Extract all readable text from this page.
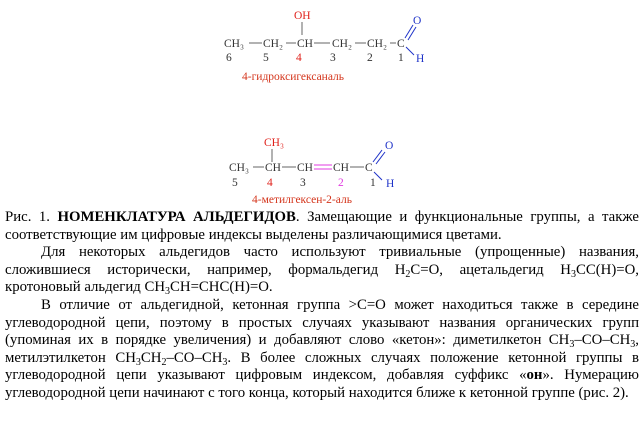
OH
CH₃ CH₂ CH CH₂ CH₂ C
O
H
6	5 4 3	2 1
4-гидроксигексаналь
CH₃
CH₃ CH CH CH C
O
H
5	4 3	2 1
4-метилгексен-2-аль

Рис. 1. НОМЕНКЛАТУРА АЛЬДЕГИДОВ. Замещающие и функциональные группы, а также соответствующие им цифровые индексы выделены различающимися цветами.

Для некоторых альдегидов часто используют тривиальные (упрощенные) названия, сложившиеся исторически, например, формальдегид $H_2C=O$, ацетальдегид $H_3CC(H)=O$, кротоновый альдегид $CH_3CH=CHC(H)=O$.

В отличие от альдегидной, кетонная группа >C=O может находиться также в середине углеводородной цепи, поэтому в простых случаях указывают названия органических групп (упоминая их в порядке увеличения) и добавляют слово «кетон»: диметилкетон $CH_3-CO-CH_3$, метилэтилкетон $CH_3CH_2-CO-CH_3$. В более сложных случаях положение кетонной группы в углеводородной цепи указывают цифровым индексом, добавляя суффикс «он». Нумерацию углеводородной цепи начинают с того конца, который находится ближе к кетонной группе (рис. 2).
